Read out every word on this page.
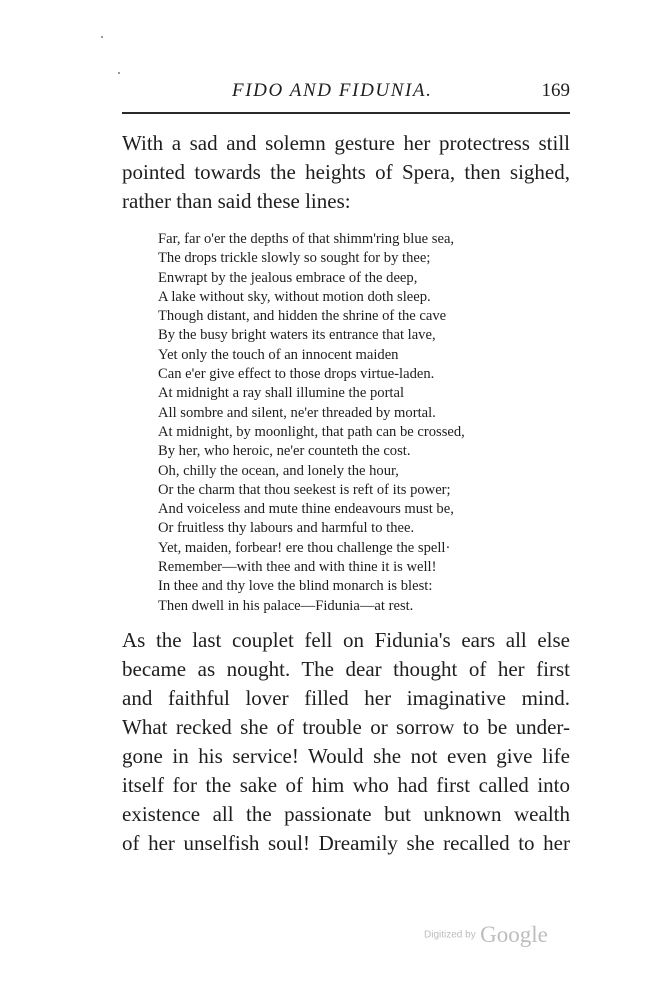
FIDO AND FIDUNIA.	169

With a sad and solemn gesture her protectress still
pointed towards the heights of Spera, then sighed,
rather than said these lines:

Far, far o'er the depths of that shimm'ring blue sea,
The drops trickle slowly so sought for by thee;
Enwrapt by the jealous embrace of the deep,
A lake without sky, without motion doth sleep.
Though distant, and hidden the shrine of the cave
By the busy bright waters its entrance that lave,
Yet only the touch of an innocent maiden
Can e'er give effect to those drops virtue-laden.
At midnight a ray shall illumine the portal
All sombre and silent, ne'er threaded by mortal.
At midnight, by moonlight, that path can be crossed,
By her, who heroic, ne'er counteth the cost.
Oh, chilly the ocean, and lonely the hour,
Or the charm that thou seekest is reft of its power;
And voiceless and mute thine endeavours must be,
Or fruitless thy labours and harmful to thee.
Yet, maiden, forbear! ere thou challenge the spell·
Remember—with thee and with thine it is well!
In thee and thy love the blind monarch is blest:
Then dwell in his palace—Fidunia—at rest.

As the last couplet fell on Fidunia's ears all else
became as nought. The dear thought of her first
and faithful lover filled her imaginative mind.
What recked she of trouble or sorrow to be under-
gone in his service! Would she not even give life
itself for the sake of him who had first called into
existence all the passionate but unknown wealth
of her unselfish soul! Dreamily she recalled to her

Digitized by Google
